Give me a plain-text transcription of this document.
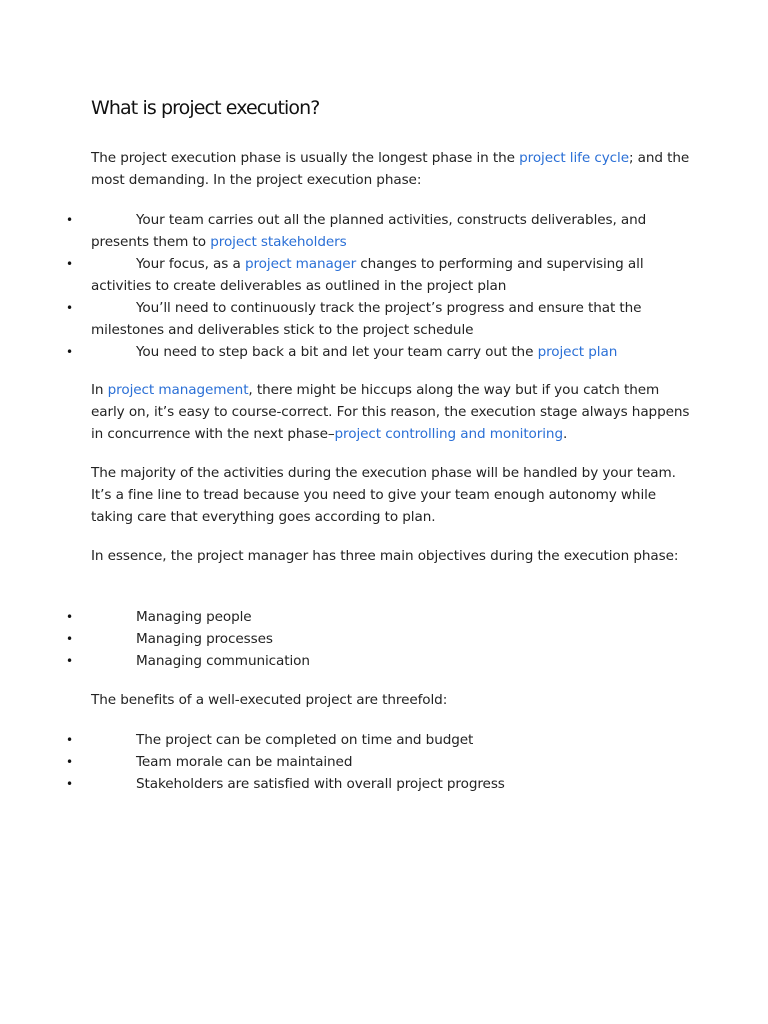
What is project execution?

The project execution phase is usually the longest phase in the project life cycle; and the most demanding. In the project execution phase:

•	Your team carries out all the planned activities, constructs deliverables, and presents them to project stakeholders
•	Your focus, as a project manager changes to performing and supervising all activities to create deliverables as outlined in the project plan
•	You’ll need to continuously track the project’s progress and ensure that the milestones and deliverables stick to the project schedule
•	You need to step back a bit and let your team carry out the project plan

In project management, there might be hiccups along the way but if you catch them early on, it’s easy to course-correct. For this reason, the execution stage always happens in concurrence with the next phase–project controlling and monitoring.

The majority of the activities during the execution phase will be handled by your team. It’s a fine line to tread because you need to give your team enough autonomy while taking care that everything goes according to plan.

In essence, the project manager has three main objectives during the execution phase:

•	Managing people
•	Managing processes
•	Managing communication

The benefits of a well-executed project are threefold:

•	The project can be completed on time and budget
•	Team morale can be maintained
•	Stakeholders are satisfied with overall project progress
